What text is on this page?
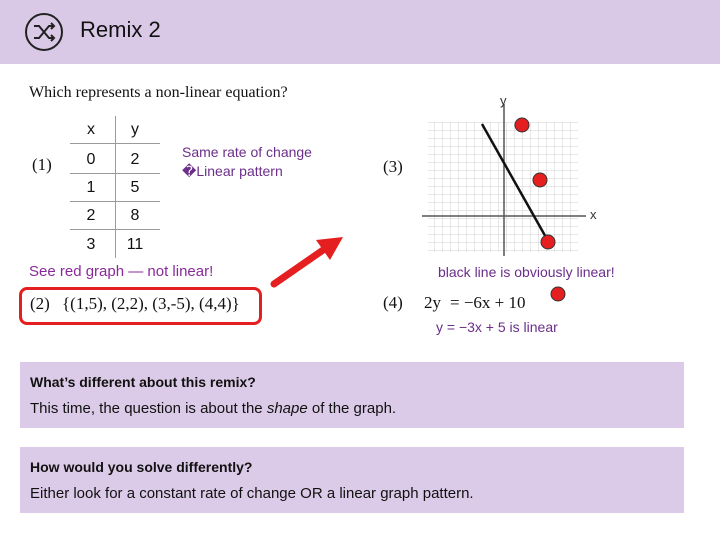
Remix 2
Which represents a non-linear equation?
(1)
x	y
0	2
1	5
2	8
3	11
Same rate of change
�Linear pattern	(3)
y
x
See red graph — not linear!	black line is obviously linear!
(2) {(1,5), (2,2), (3,-5), (4,4)}	(4) 2y = −6x + 10
y = −3x + 5 is linear
What’s different about this remix?
This time, the question is about the shape of the graph.
How would you solve differently?
Either look for a constant rate of change OR a linear graph pattern.
